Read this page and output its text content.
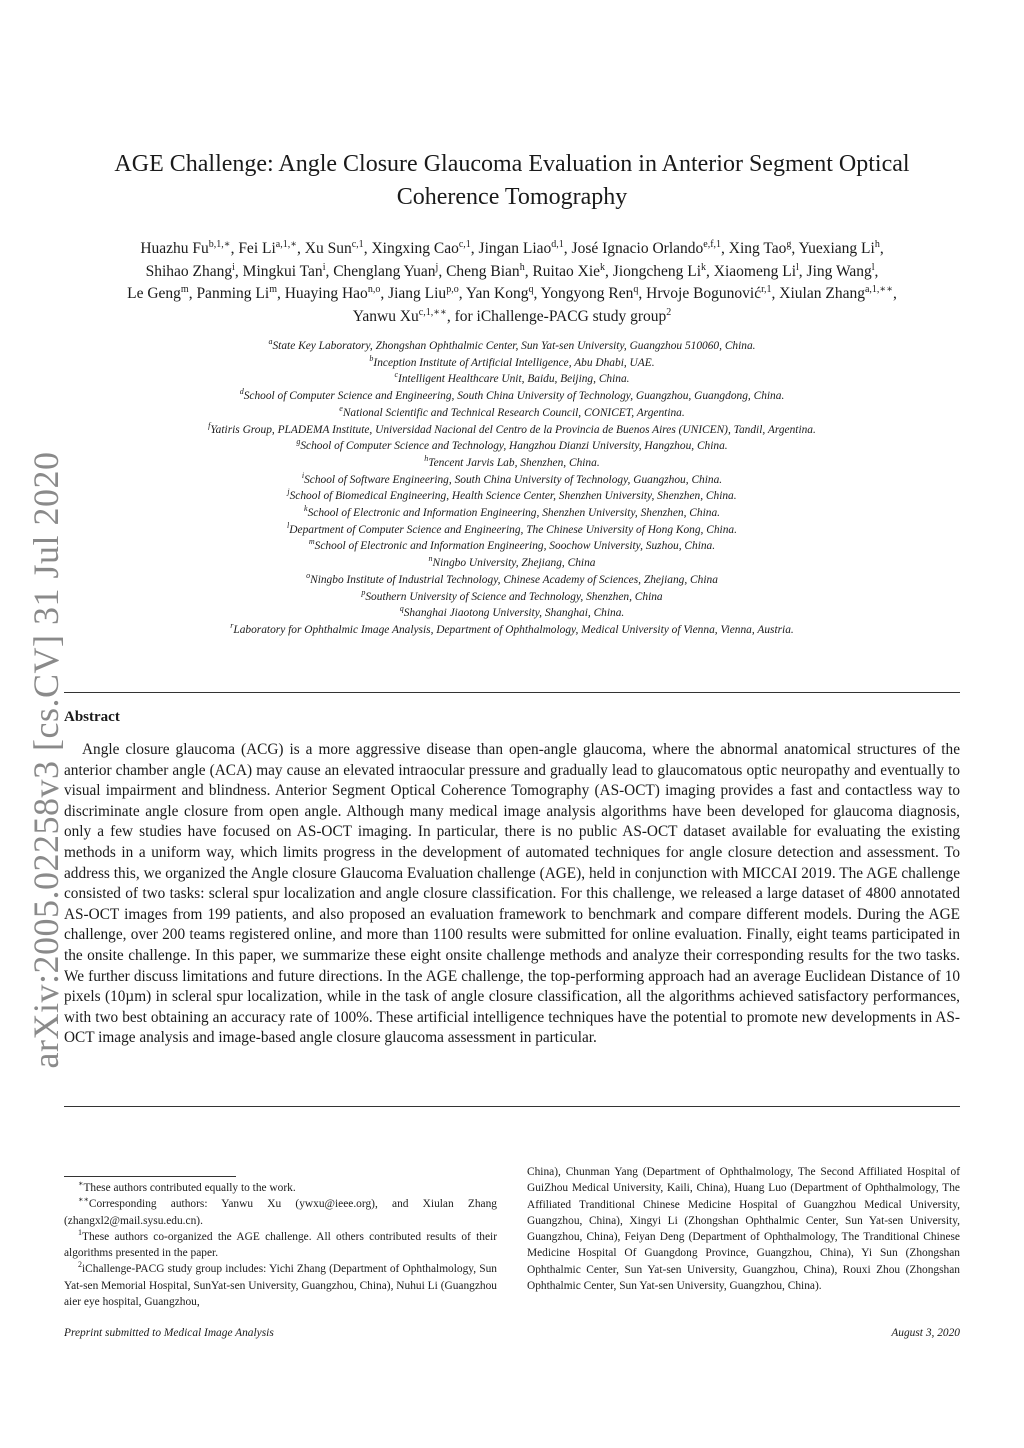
arXiv:2005.02258v3 [cs.CV] 31 Jul 2020
AGE Challenge: Angle Closure Glaucoma Evaluation in Anterior Segment Optical Coherence Tomography
Huazhu $Fu^{b,1,∗}$, Fei $Li^{a,1,∗}$, Xu Sun$^{c,1}$, Xingxing Cao$^{c,1}$, Jingan Liao$^{d,1}$, José Ignacio Orlando$^{e,f,1}$, Xing Tao$^g$, Yuexiang Li$^h$,
Shihao Zhang$^i$, Mingkui Tan$^i$, Chenglang Yuan$^j$, Cheng Bian$^h$, Ruitao Xie$^k$, Jiongcheng Li$^k$, Xiaomeng Li$^l$, Jing Wang$^l$,
Le Geng$^m$, Panming Li$^m$, Huaying Hao$^{n,o}$, Jiang Liu$^{p,o}$, Yan Kong$^q$, Yongyong Ren$^q$, Hrvoje Bogunović$^{r,1}$, Xiulan Zhang$^{a,1,∗∗}$,
Yanwu $Xu^{c,1,∗∗}$, for iChallenge-PACG study group$^2$
$^a$State Key Laboratory, Zhongshan Ophthalmic Center, Sun Yat-sen University, Guangzhou 510060, China.
$^b$Inception Institute of Artificial Intelligence, Abu Dhabi, UAE.
$^c$Intelligent Healthcare Unit, Baidu, Beijing, China.
$^d$School of Computer Science and Engineering, South China University of Technology, Guangzhou, Guangdong, China.
$^e$National Scientific and Technical Research Council, CONICET, Argentina.
$^f$Yatiris Group, PLADEMA Institute, Universidad Nacional del Centro de la Provincia de Buenos Aires (UNICEN), Tandil, Argentina.
$^g$School of Computer Science and Technology, Hangzhou Dianzi University, Hangzhou, China.
$^h$Tencent Jarvis Lab, Shenzhen, China.
$^i$School of Software Engineering, South China University of Technology, Guangzhou, China.
$^j$School of Biomedical Engineering, Health Science Center, Shenzhen University, Shenzhen, China.
$^k$School of Electronic and Information Engineering, Shenzhen University, Shenzhen, China.
$^l$Department of Computer Science and Engineering, The Chinese University of Hong Kong, China.
$^m$School of Electronic and Information Engineering, Soochow University, Suzhou, China.
$^n$Ningbo University, Zhejiang, China
$^o$Ningbo Institute of Industrial Technology, Chinese Academy of Sciences, Zhejiang, China
$^p$Southern University of Science and Technology, Shenzhen, China
$^q$Shanghai Jiaotong University, Shanghai, China.
$^r$Laboratory for Ophthalmic Image Analysis, Department of Ophthalmology, Medical University of Vienna, Vienna, Austria.
Abstract
Angle closure glaucoma (ACG) is a more aggressive disease than open-angle glaucoma, where the abnormal anatomical structures of the anterior chamber angle (ACA) may cause an elevated intraocular pressure and gradually lead to glaucomatous optic neuropathy and eventually to visual impairment and blindness. Anterior Segment Optical Coherence Tomography (AS-OCT) imaging provides a fast and contactless way to discriminate angle closure from open angle. Although many medical image analysis algorithms have been developed for glaucoma diagnosis, only a few studies have focused on AS-OCT imaging. In particular, there is no public AS-OCT dataset available for evaluating the existing methods in a uniform way, which limits progress in the development of automated techniques for angle closure detection and assessment. To address this, we organized the Angle closure Glaucoma Evaluation challenge (AGE), held in conjunction with MICCAI 2019. The AGE challenge consisted of two tasks: scleral spur localization and angle closure classification. For this challenge, we released a large dataset of 4800 annotated AS-OCT images from 199 patients, and also proposed an evaluation framework to benchmark and compare different models. During the AGE challenge, over 200 teams registered online, and more than 1100 results were submitted for online evaluation. Finally, eight teams participated in the onsite challenge. In this paper, we summarize these eight onsite challenge methods and analyze their corresponding results for the two tasks. We further discuss limitations and future directions. In the AGE challenge, the top-performing approach had an average Euclidean Distance of 10 pixels (10µm) in scleral spur localization, while in the task of angle closure classification, all the algorithms achieved satisfactory performances, with two best obtaining an accuracy rate of 100%. These artificial intelligence techniques have the potential to promote new developments in AS-OCT image analysis and image-based angle closure glaucoma assessment in particular.
∗These authors contributed equally to the work.
∗∗Corresponding authors: Yanwu Xu (ywxu@ieee.org), and Xiulan Zhang (zhangxl2@mail.sysu.edu.cn).
$^1$These authors co-organized the AGE challenge. All others contributed results of their algorithms presented in the paper.
$^2$iChallenge-PACG study group includes: Yichi Zhang (Department of Ophthalmology, Sun Yat-sen Memorial Hospital, SunYat-sen University, Guangzhou, China), Nuhui Li (Guangzhou aier eye hospital, Guangzhou,
China), Chunman Yang (Department of Ophthalmology, The Second Affiliated Hospital of GuiZhou Medical University, Kaili, China), Huang Luo (Department of Ophthalmology, The Affiliated Tranditional Chinese Medicine Hospital of Guangzhou Medical University, Guangzhou, China), Xingyi Li (Zhongshan Ophthalmic Center, Sun Yat-sen University, Guangzhou, China), Feiyan Deng (Department of Ophthalmology, The Tranditional Chinese Medicine Hospital Of Guangdong Province, Guangzhou, China), Yi Sun (Zhongshan Ophthalmic Center, Sun Yat-sen University, Guangzhou, China), Rouxi Zhou (Zhongshan Ophthalmic Center, Sun Yat-sen University, Guangzhou, China).
Preprint submitted to Medical Image Analysis	August 3, 2020
